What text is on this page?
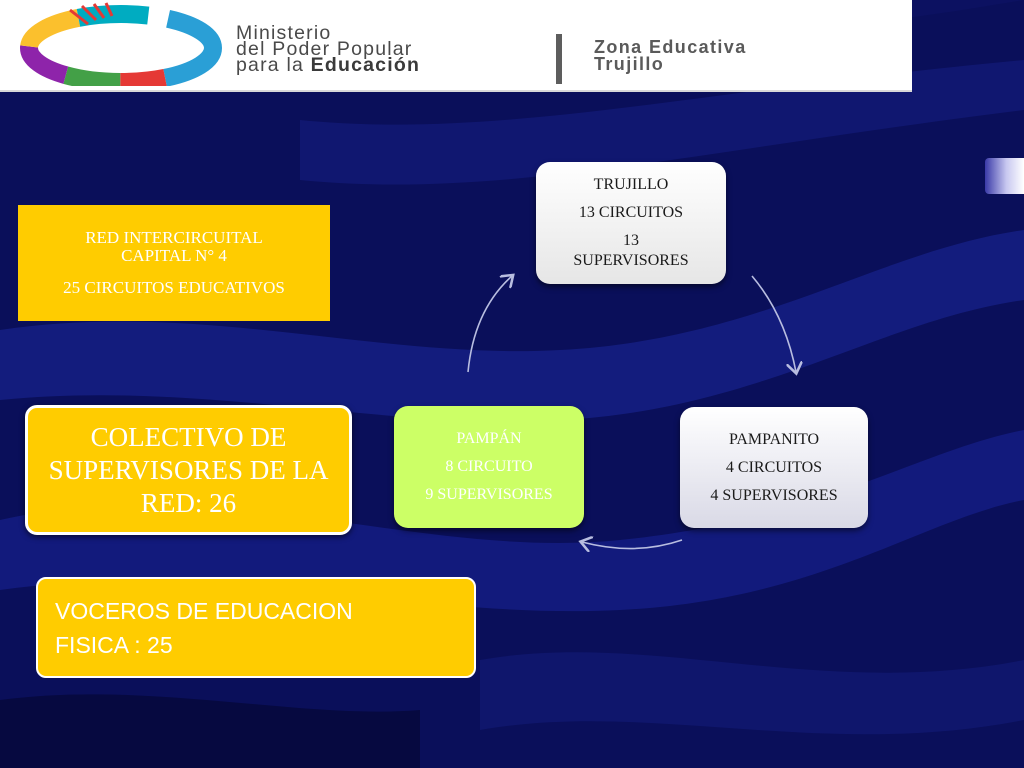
Ministerio
del Poder Popular
para la Educación
Zona Educativa
Trujillo
RED INTERCIRCUITAL
CAPITAL N° 4
25 CIRCUITOS EDUCATIVOS
COLECTIVO DE SUPERVISORES DE LA RED: 26
VOCEROS DE EDUCACION
FISICA : 25
TRUJILLO
13 CIRCUITOS
13
SUPERVISORES
PAMPANITO
4 CIRCUITOS
4 SUPERVISORES
PAMPÁN
8 CIRCUITO
9 SUPERVISORES
